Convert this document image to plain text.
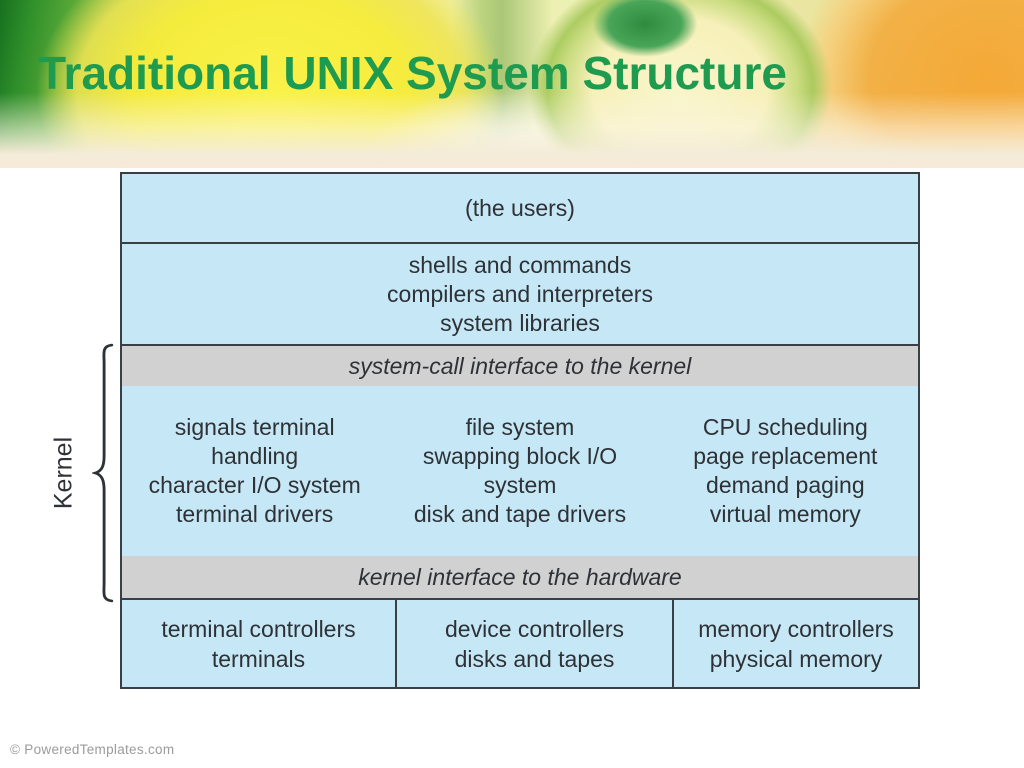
Traditional UNIX System Structure
(the users)
shells and commands
compilers and interpreters
system libraries
system-call interface to the kernel
signals terminal
handling
character I/O system
terminal drivers
file system
swapping block I/O
system
disk and tape drivers
CPU scheduling
page replacement
demand paging
virtual memory
kernel interface to the hardware
terminal controllers
terminals
device controllers
disks and tapes
memory controllers
physical memory
Kernel
© PoweredTemplates.com
